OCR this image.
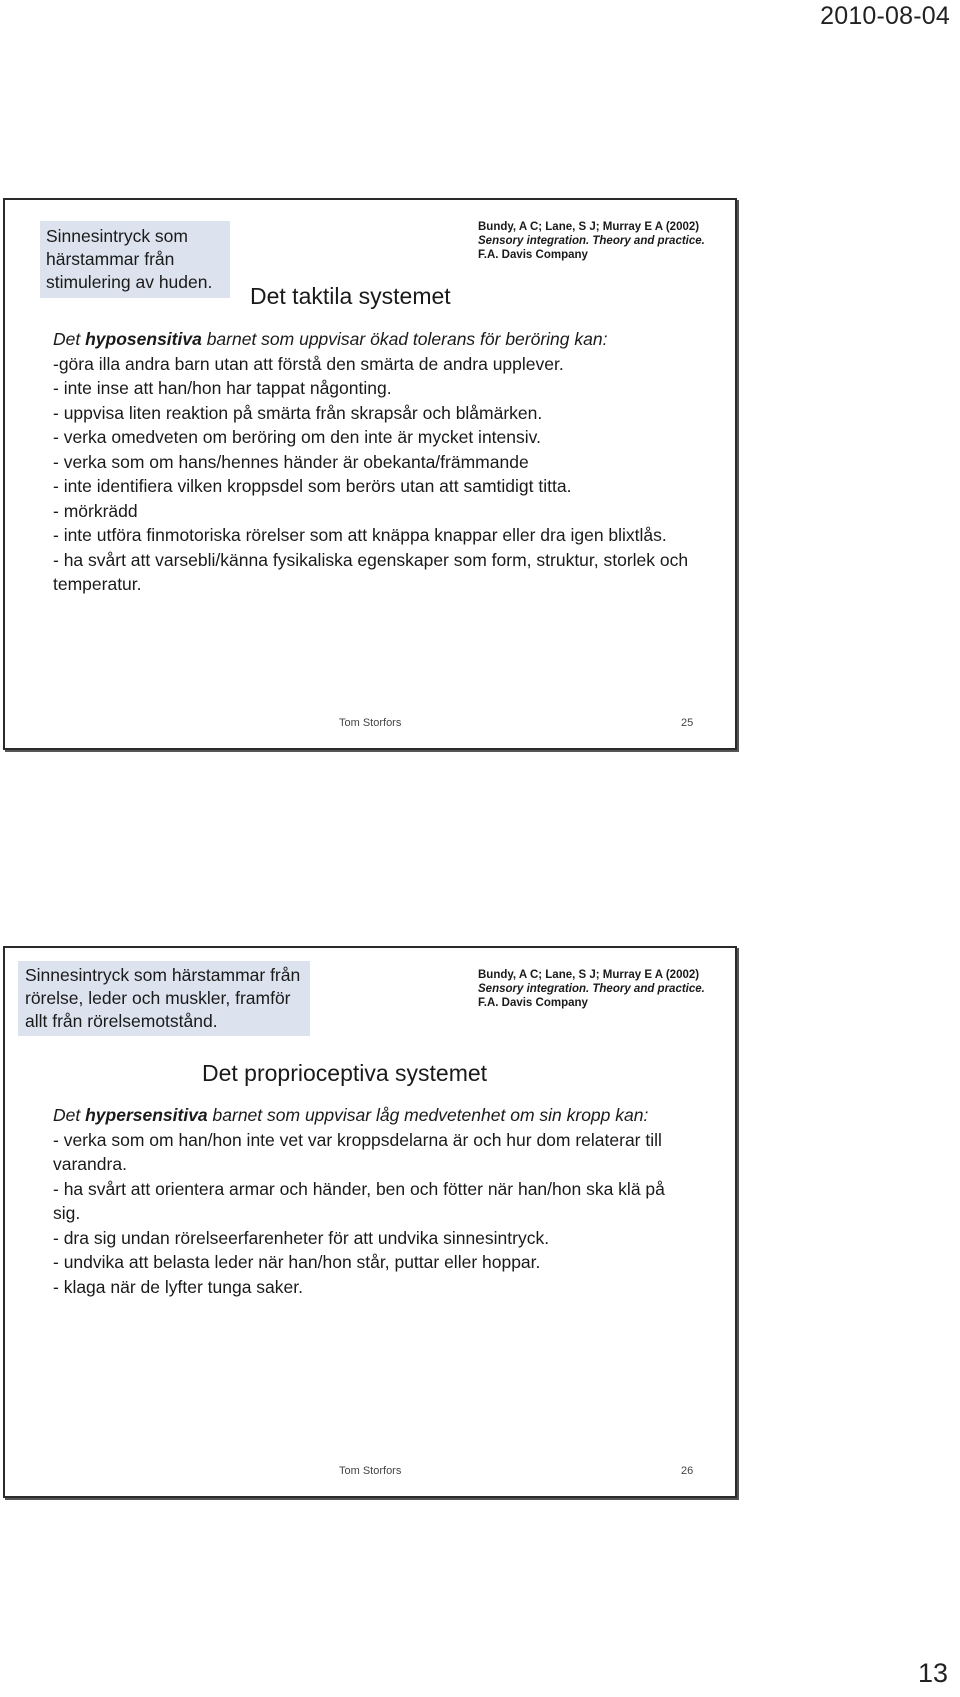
2010-08-04
Sinnesintryck som härstammar från stimulering av huden.
Bundy, A C; Lane, S J; Murray E A (2002) Sensory integration. Theory and practice. F.A. Davis Company
Det taktila systemet
Det hyposensitiva barnet som uppvisar ökad tolerans för beröring kan:
-göra illa andra barn utan att förstå den smärta de andra upplever.
- inte inse att han/hon har tappat någonting.
- uppvisa liten reaktion på smärta från skrapsår och blåmärken.
- verka omedveten om beröring om den inte är mycket intensiv.
- verka som om hans/hennes händer är obekanta/främmande
- inte identifiera vilken kroppsdel som berörs utan att samtidigt titta.
- mörkrädd
- inte utföra finmotoriska rörelser som att knäppa knappar eller dra igen blixtlås.
- ha svårt att varsebli/känna fysikaliska egenskaper som form, struktur, storlek och temperatur.
Tom Storfors	25
Sinnesintryck som härstammar från rörelse, leder och muskler, framför allt från rörelsemotstånd.
Bundy, A C; Lane, S J; Murray E A (2002) Sensory integration. Theory and practice. F.A. Davis Company
Det proprioceptiva systemet
Det hypersensitiva barnet som uppvisar låg medvetenhet om sin kropp kan:
- verka som om han/hon inte vet var kroppsdelarna är och hur dom relaterar till varandra.
- ha svårt att orientera armar och händer, ben och fötter när han/hon ska klä på sig.
- dra sig undan rörelseerfarenheter för att undvika sinnesintryck.
- undvika att belasta leder när han/hon står, puttar eller hoppar.
- klaga när de lyfter tunga saker.
Tom Storfors	26
13
